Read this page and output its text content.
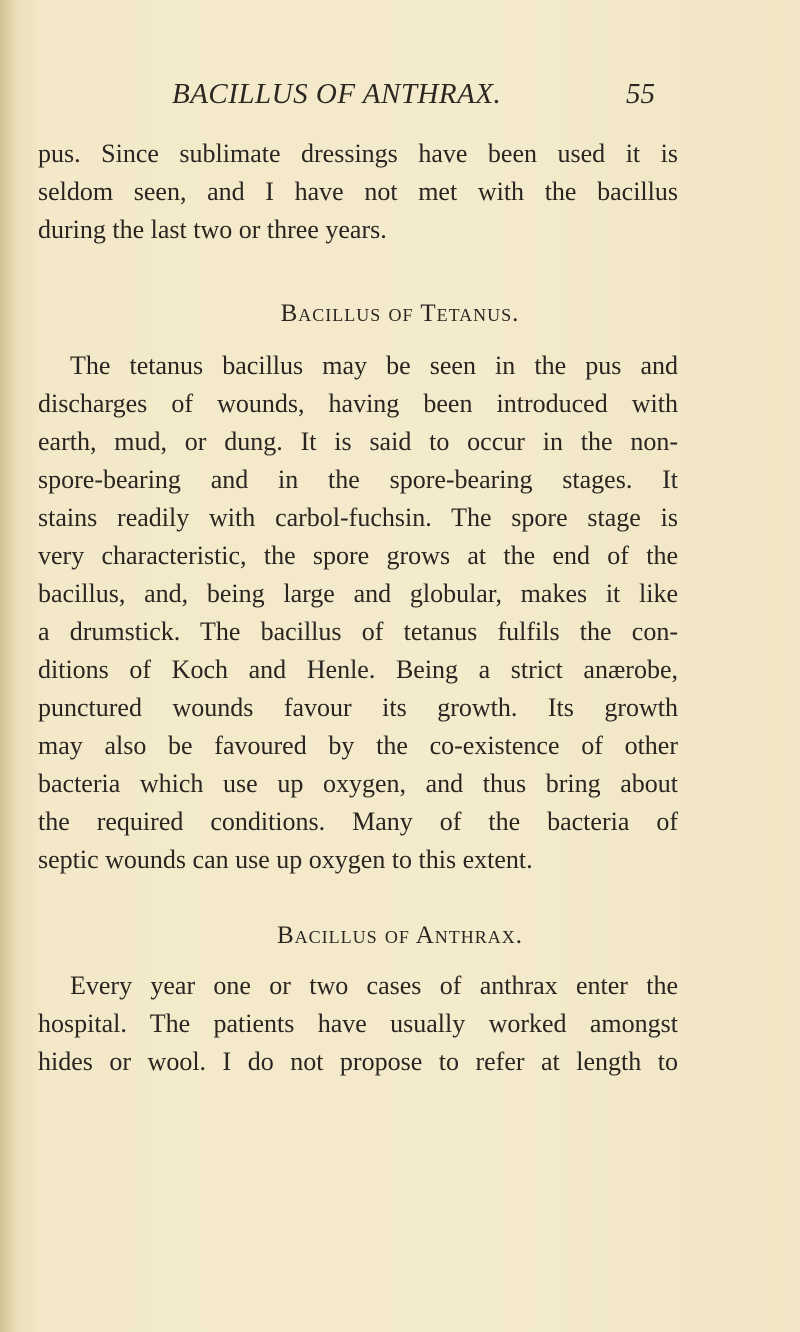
BACILLUS OF ANTHRAX.	55
pus. Since sublimate dressings have been used it is
seldom seen, and I have not met with the bacillus
during the last two or three years.
Bacillus of Tetanus.
The tetanus bacillus may be seen in the pus and
discharges of wounds, having been introduced with
earth, mud, or dung. It is said to occur in the non-
spore-bearing and in the spore-bearing stages. It
stains readily with carbol-fuchsin. The spore stage is
very characteristic, the spore grows at the end of the
bacillus, and, being large and globular, makes it like
a drumstick. The bacillus of tetanus fulfils the con-
ditions of Koch and Henle. Being a strict anærobe,
punctured wounds favour its growth. Its growth
may also be favoured by the co-existence of other
bacteria which use up oxygen, and thus bring about
the required conditions. Many of the bacteria of
septic wounds can use up oxygen to this extent.
Bacillus of Anthrax.
Every year one or two cases of anthrax enter the
hospital. The patients have usually worked amongst
hides or wool. I do not propose to refer at length to
